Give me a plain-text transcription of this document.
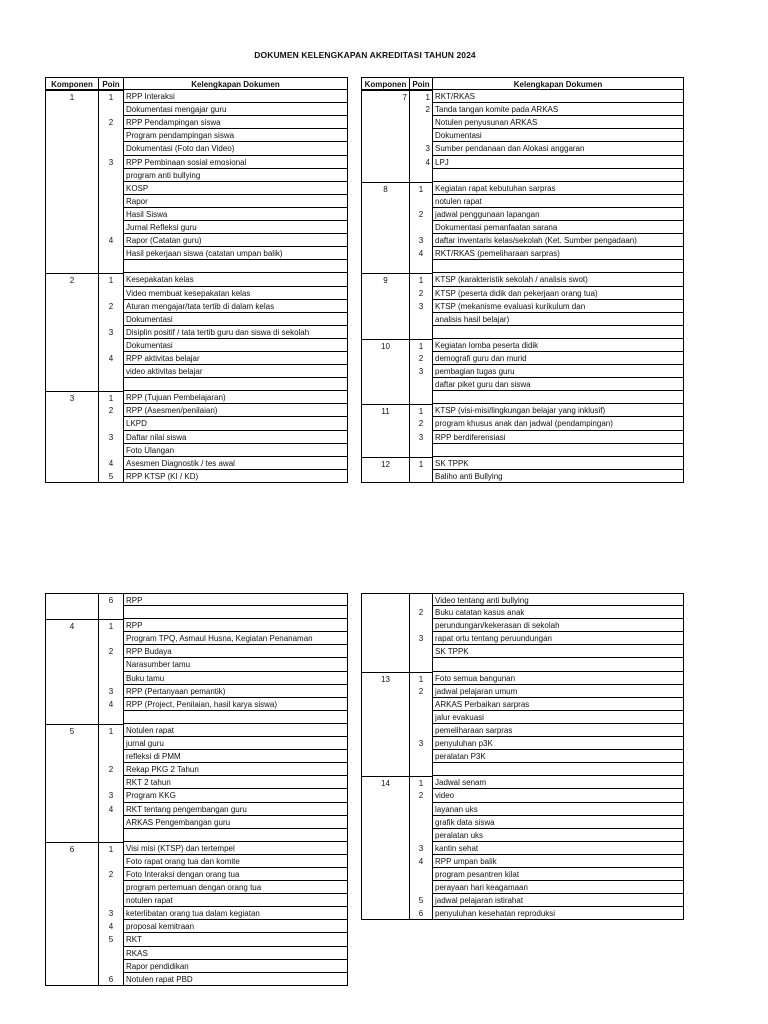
DOKUMEN KELENGKAPAN AKREDITASI TAHUN 2024
Komponen	Poin	Kelengkapan Dokumen
1	1	RPP Interaksi
Dokumentasi mengajar guru
2	RPP Pendampingan siswa
Program pendampingan siswa
Dokumentasi (Foto dan Video)
3	RPP Pembinaan sosial emosional
program anti bullying
KOSP
Rapor
Hasil Siswa
Jurnal Refleksi guru
4	Rapor (Catatan guru)
Hasil pekerjaan siswa (catatan umpan balik)
2	1	Kesepakatan kelas
Video membuat kesepakatan kelas
2	Aturan mengajar/tata tertib di dalam kelas
Dokumentasi
3	Disiplin positif / tata tertib guru dan siswa di sekolah
Dokumentasi
4	RPP aktivitas belajar
video aktivitas belajar
3	1	RPP (Tujuan Pembelajaran)
2	RPP (Asesmen/penilaian)
LKPD
3	Daftar nilai siswa
Foto Ulangan
4	Asesmen Diagnostik / tes awal
5	RPP KTSP (KI / KD)
Komponen Poin	Kelengkapan Dokumen
7	1 RKT/RKAS
2 Tanda tangan komite pada ARKAS
Notulen penyusunan ARKAS
Dokumentasi
3 Sumber pendanaan dan Alokasi anggaran
4 LPJ
8	1	Kegiatan rapat kebutuhan sarpras
notulen rapat
2	jadwal penggunaan lapangan
Dokumentasi pemanfaatan sarana
3	daftar inventaris kelas/sekolah (Ket. Sumber pengadaan)
4	RKT/RKAS (pemeliharaan sarpras)
9	1	KTSP (karakteristik sekolah / analisis swot)
2	KTSP (peserta didik dan pekerjaan orang tua)
3	KTSP (mekanisme evaluasi kurikulum dan
analisis hasil belajar)
10	1	Kegiatan lomba peserta didik
2	demografi guru dan murid
3	pembagian tugas guru
daftar piket guru dan siswa
11	1	KTSP (visi-misi/lingkungan belajar yang inklusif)
2	program khusus anak dan jadwal (pendampingan)
3	RPP berdiferensiasi
12	1	SK TPPK
Baliho anti Bullying
6	RPP
4	1	RPP
Program TPQ, Asmaul Husna, Kegiatan Penanaman
2	RPP Budaya
Narasumber tamu
Buku tamu
3	RPP (Pertanyaan pemantik)
4	RPP (Project, Penilaian, hasil karya siswa)
5	1	Notulen rapat
jurnal guru
refleksi di PMM
2	Rekap PKG 2 Tahun
RKT 2 tahun
3	Program KKG
4	RKT tentang pengembangan guru
ARKAS Pengembangan guru
6	1	Visi misi (KTSP) dan tertempel
Foto rapat orang tua dan komite
2	Foto Interaksi dengan orang tua
program pertemuan dengan orang tua
notulen rapat
3	keterlibatan orang tua dalam kegiatan
4	proposal kemitraan
5	RKT
RKAS
Rapor pendidikan
6	Notulen rapat PBD
Video tentang anti bullying
2	Buku catatan kasus anak
perundungan/kekerasan di sekolah
3	rapat ortu tentang peruundungan
SK TPPK
13	1	Foto semua bangunan
2	jadwal pelajaran umum
ARKAS Perbaikan sarpras
jalur evakuasi
pemeliharaan sarpras
3	penyuluhan p3K
peralatan P3K
14	1	Jadwal senam
2	video
layanan uks
grafik data siswa
peralatan uks
3	kantin sehat
4	RPP umpan balik
program pesantren kilat
perayaan hari keagamaan
5	jadwal pelajaran istirahat
6	penyuluhan kesehatan reproduksi
